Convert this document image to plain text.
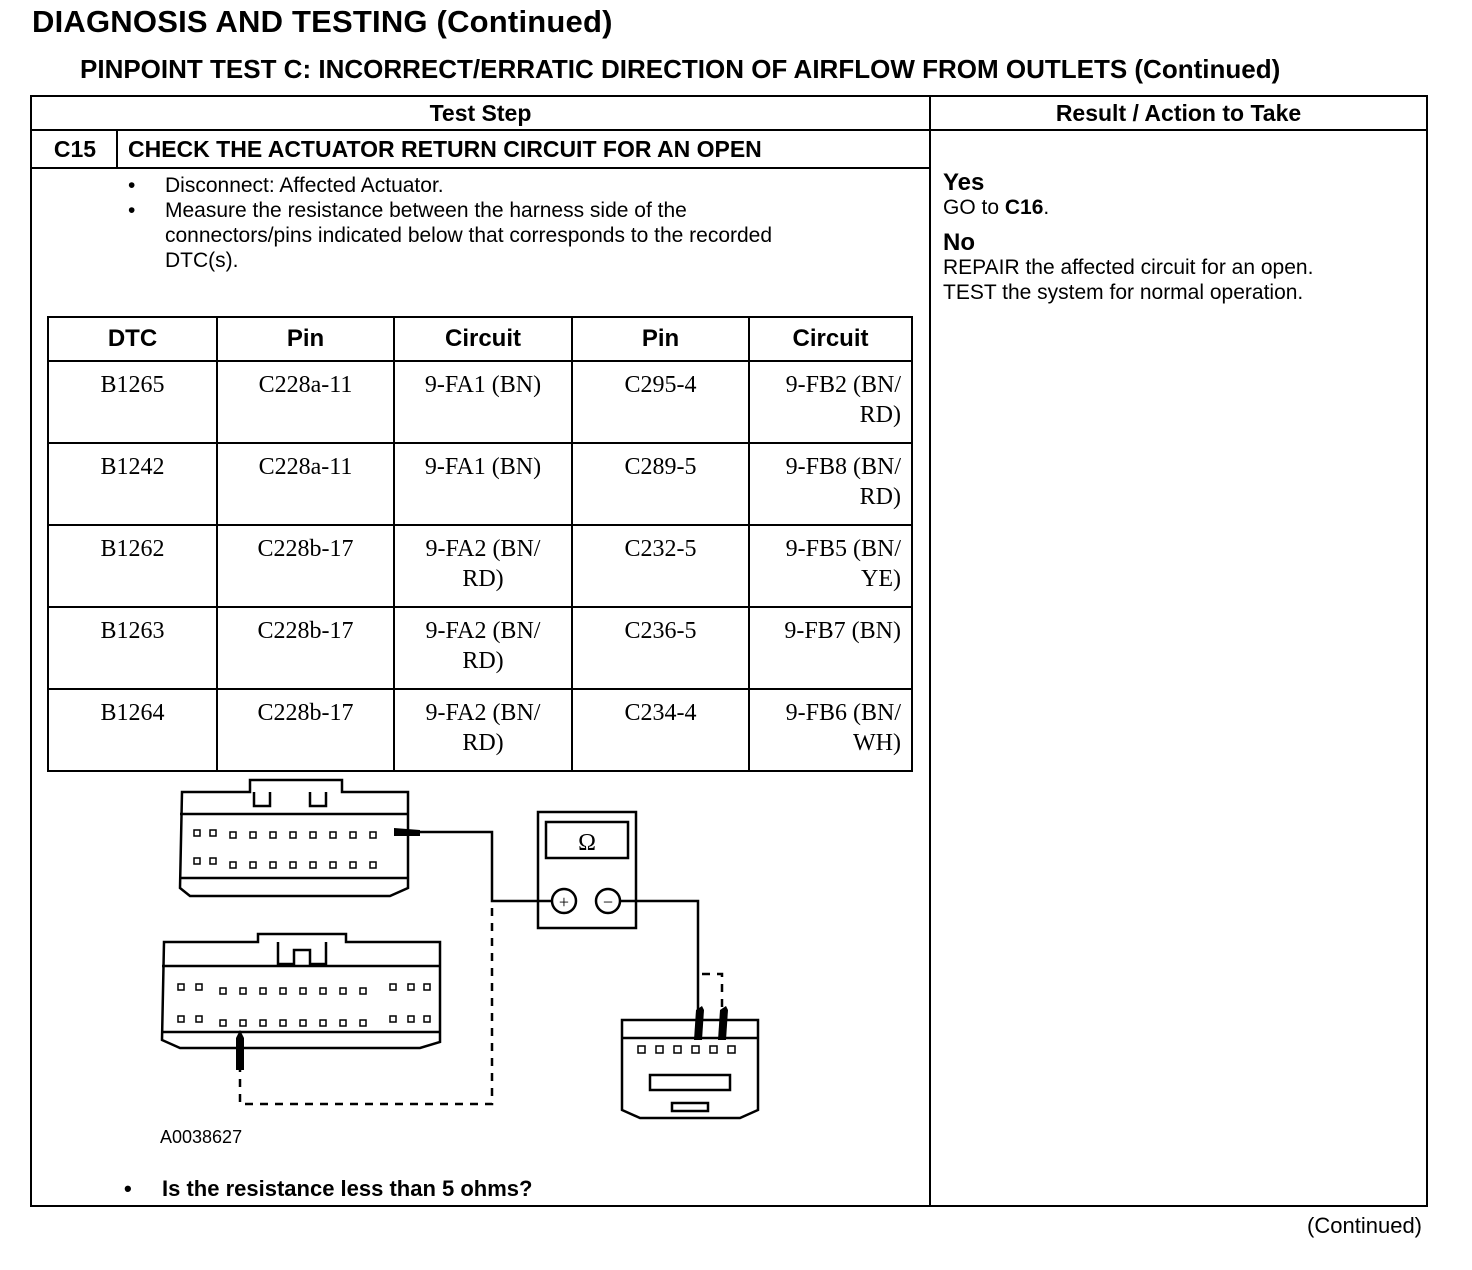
DIAGNOSIS AND TESTING (Continued)
PINPOINT TEST C: INCORRECT/ERRATIC DIRECTION OF AIRFLOW FROM OUTLETS (Continued)
Test Step	Result / Action to Take
C15	CHECK THE ACTUATOR RETURN CIRCUIT FOR AN OPEN
• Disconnect: Affected Actuator.
• Measure the resistance between the harness side of the connectors/pins indicated below that corresponds to the recorded DTC(s).
Yes
GO to C16.
No
REPAIR the affected circuit for an open.
TEST the system for normal operation.
DTC	Pin	Circuit	Pin	Circuit
B1265	C228a-11	9-FA1 (BN)	C295-4	9-FB2 (BN/ RD)
B1242	C228a-11	9-FA1 (BN)	C289-5	9-FB8 (BN/ RD)
B1262	C228b-17	9-FA2 (BN/ RD)	C232-5	9-FB5 (BN/ YE)
B1263	C228b-17	9-FA2 (BN/ RD)	C236-5	9-FB7 (BN)
B1264	C228b-17	9-FA2 (BN/ RD)	C234-4	9-FB6 (BN/ WH)
Ω
+ −
A0038627
• Is the resistance less than 5 ohms?
(Continued)
